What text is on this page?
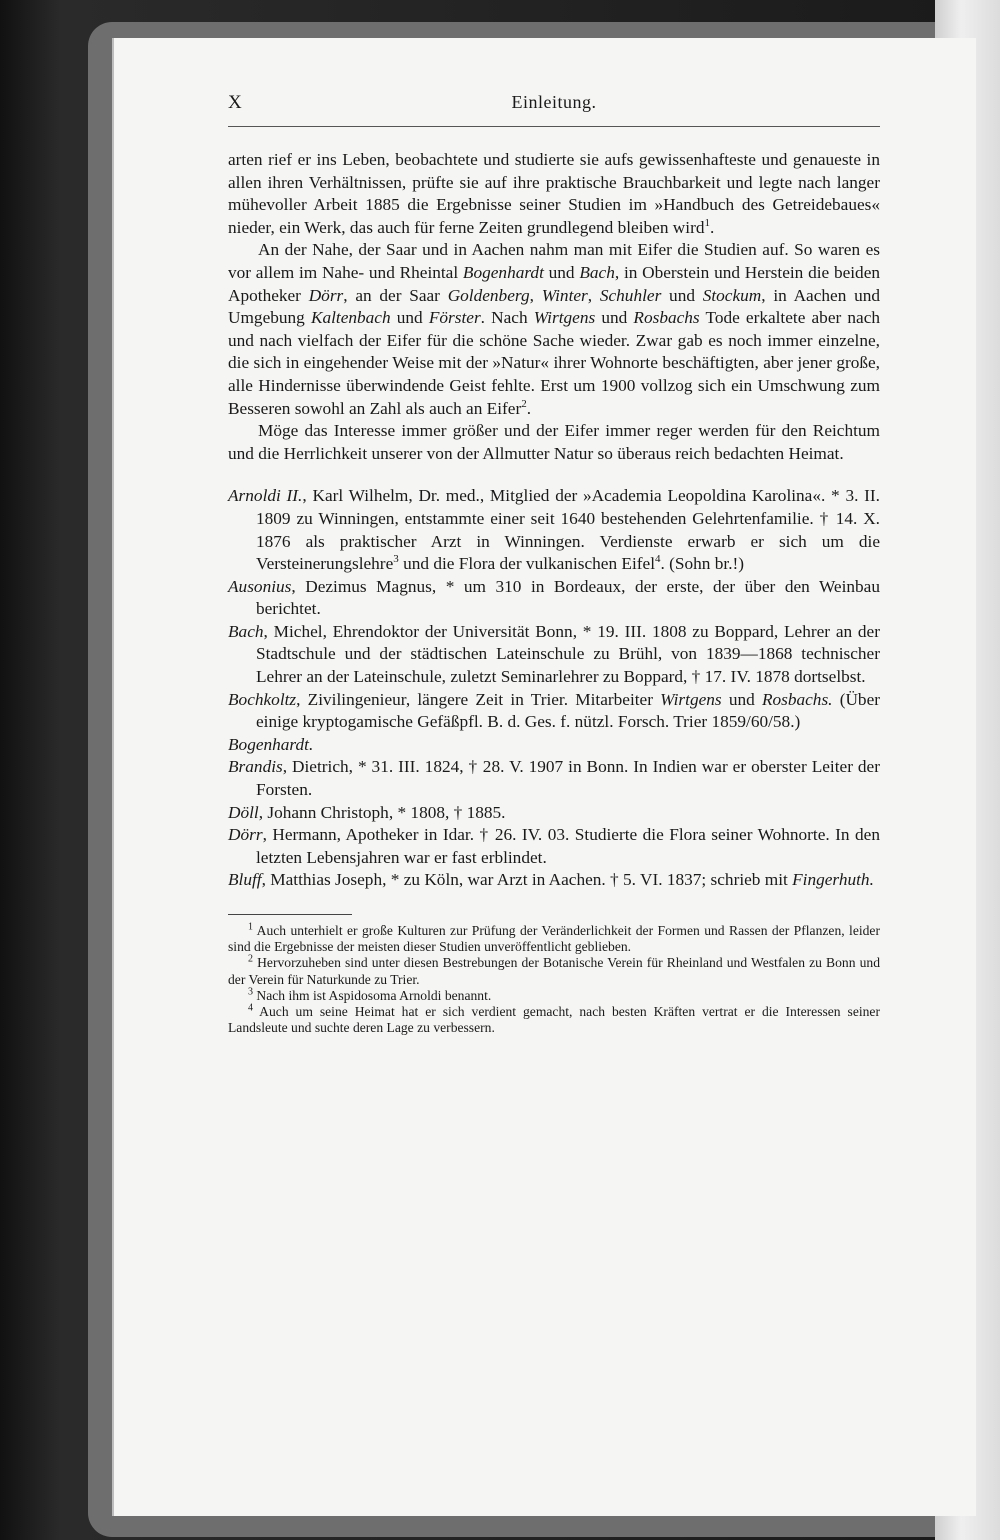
X	Einleitung.

arten rief er ins Leben, beobachtete und studierte sie aufs gewissenhafteste und genaueste in allen ihren Verhältnissen, prüfte sie auf ihre praktische Brauchbarkeit und legte nach langer mühevoller Arbeit 1885 die Ergebnisse seiner Studien im »Handbuch des Getreidebaues« nieder, ein Werk, das auch für ferne Zeiten grundlegend bleiben wird$^1$.

An der Nahe, der Saar und in Aachen nahm man mit Eifer die Studien auf. So waren es vor allem im Nahe- und Rheintal Bogenhardt und Bach, in Oberstein und Herstein die beiden Apotheker Dörr, an der Saar Goldenberg, Winter, Schuhler und Stockum, in Aachen und Umgebung Kaltenbach und Förster. Nach Wirtgens und Rosbachs Tode erkaltete aber nach und nach vielfach der Eifer für die schöne Sache wieder. Zwar gab es noch immer einzelne, die sich in eingehender Weise mit der »Natur« ihrer Wohnorte beschäftigten, aber jener große, alle Hindernisse überwindende Geist fehlte. Erst um 1900 vollzog sich ein Umschwung zum Besseren sowohl an Zahl als auch an Eifer$^2$.

Möge das Interesse immer größer und der Eifer immer reger werden für den Reichtum und die Herrlichkeit unserer von der Allmutter Natur so überaus reich bedachten Heimat.

Arnoldi II., Karl Wilhelm, Dr. med., Mitglied der »Academia Leopoldina Karolina«. * 3. II. 1809 zu Winningen, entstammte einer seit 1640 bestehenden Gelehrtenfamilie. † 14. X. 1876 als praktischer Arzt in Winningen. Verdienste erwarb er sich um die Versteinerungslehre$^3$ und die Flora der vulkanischen Eifel$^4$. (Sohn br.!)

Ausonius, Dezimus Magnus, * um 310 in Bordeaux, der erste, der über den Weinbau berichtet.

Bach, Michel, Ehrendoktor der Universität Bonn, * 19. III. 1808 zu Boppard, Lehrer an der Stadtschule und der städtischen Lateinschule zu Brühl, von 1839—1868 technischer Lehrer an der Lateinschule, zuletzt Seminarlehrer zu Boppard, † 17. IV. 1878 dortselbst.

Bochkoltz, Zivilingenieur, längere Zeit in Trier. Mitarbeiter Wirtgens und Rosbachs. (Über einige kryptogamische Gefäßpfl. B. d. Ges. f. nützl. Forsch. Trier 1859/60/58.)

Bogenhardt.

Brandis, Dietrich, * 31. III. 1824, † 28. V. 1907 in Bonn. In Indien war er oberster Leiter der Forsten.

Döll, Johann Christoph, * 1808, † 1885.

Dörr, Hermann, Apotheker in Idar. † 26. IV. 03. Studierte die Flora seiner Wohnorte. In den letzten Lebensjahren war er fast erblindet.

Bluff, Matthias Joseph, * zu Köln, war Arzt in Aachen. † 5. VI. 1837; schrieb mit Fingerhuth.

$^1$ Auch unterhielt er große Kulturen zur Prüfung der Veränderlichkeit der Formen und Rassen der Pflanzen, leider sind die Ergebnisse der meisten dieser Studien unveröffentlicht geblieben.

$^2$ Hervorzuheben sind unter diesen Bestrebungen der Botanische Verein für Rheinland und Westfalen zu Bonn und der Verein für Naturkunde zu Trier.

$^3$ Nach ihm ist Aspidosoma Arnoldi benannt.

$^4$ Auch um seine Heimat hat er sich verdient gemacht, nach besten Kräften vertrat er die Interessen seiner Landsleute und suchte deren Lage zu verbessern.
